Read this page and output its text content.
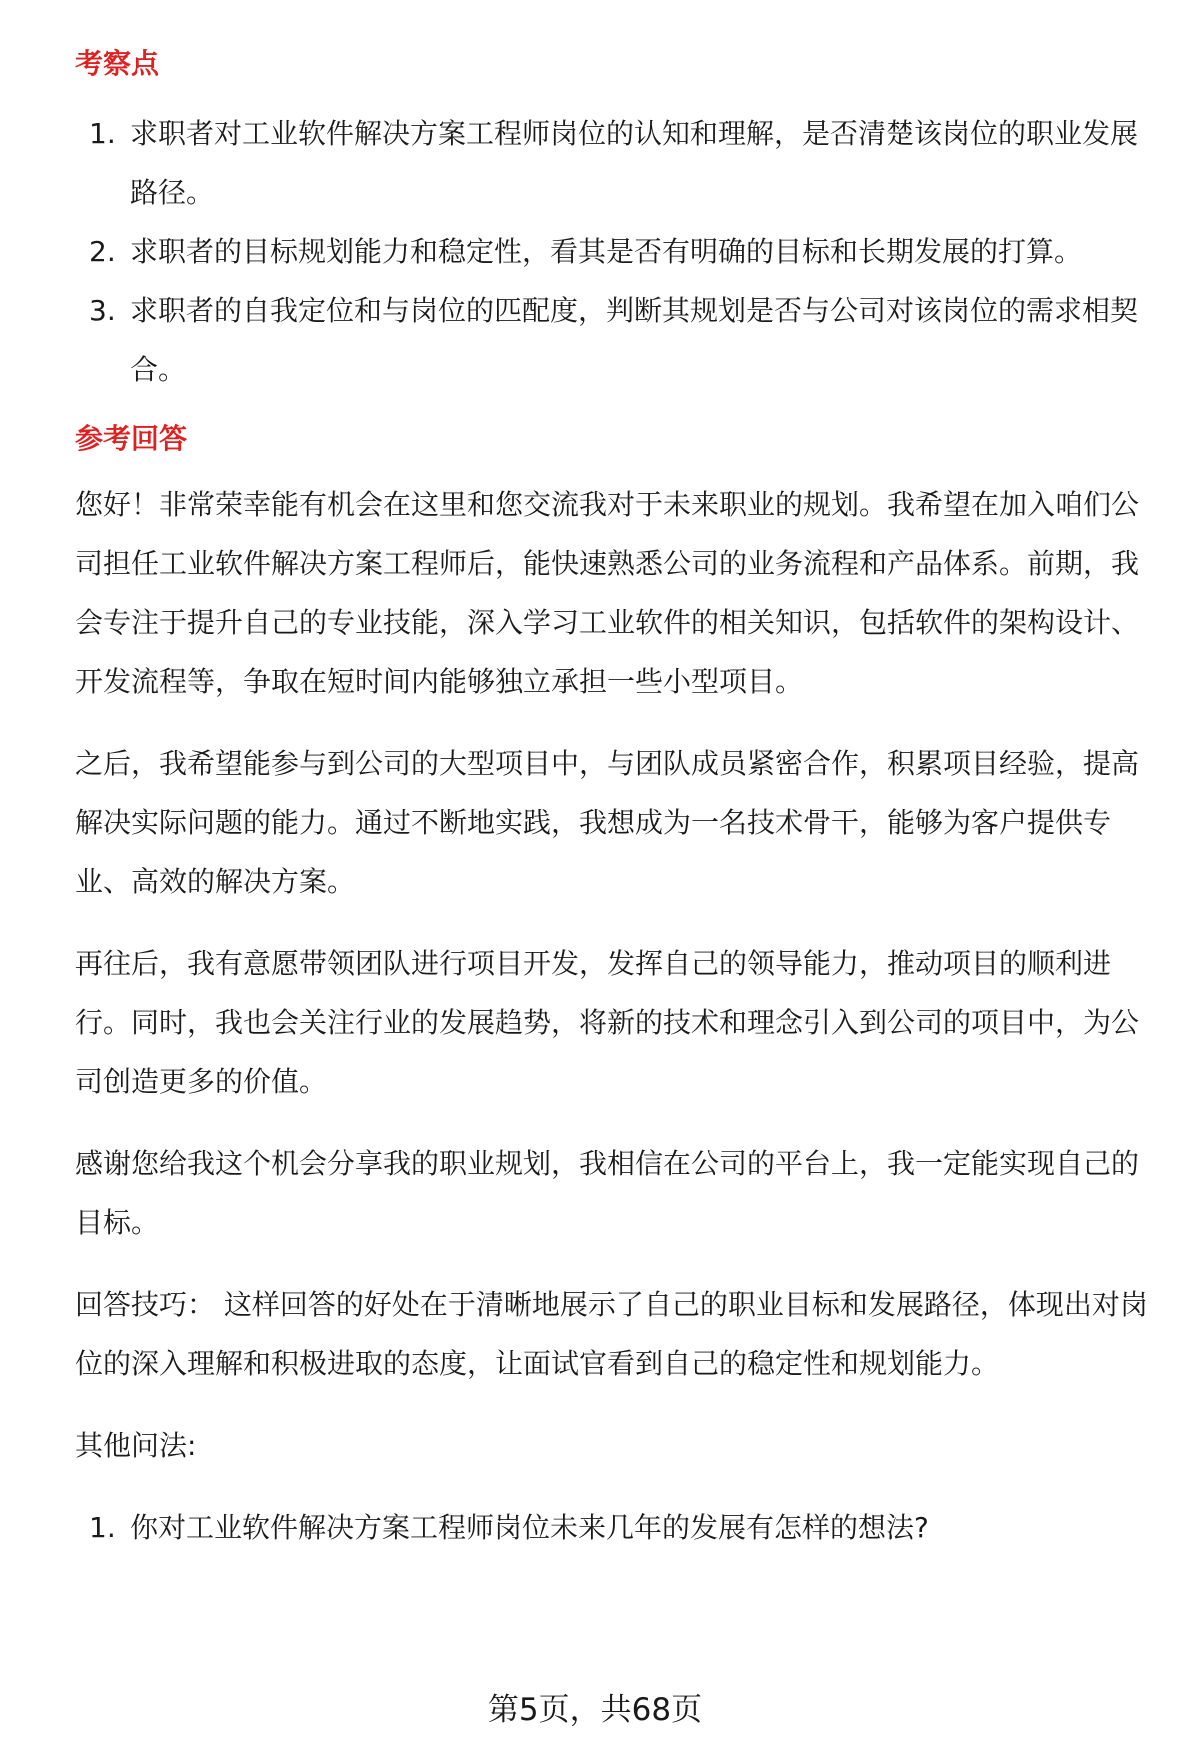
考察点
1. 求职者对工业软件解决方案工程师岗位的认知和理解，是否清楚该岗位的职业发展路径。
2. 求职者的目标规划能力和稳定性，看其是否有明确的目标和长期发展的打算。
3. 求职者的自我定位和与岗位的匹配度，判断其规划是否与公司对该岗位的需求相契合。
参考回答

您好！非常荣幸能有机会在这里和您交流我对于未来职业的规划。我希望在加入咱们公司担任工业软件解决方案工程师后，能快速熟悉公司的业务流程和产品体系。前期，我会专注于提升自己的专业技能，深入学习工业软件的相关知识，包括软件的架构设计、开发流程等，争取在短时间内能够独立承担一些小型项目。

之后，我希望能参与到公司的大型项目中，与团队成员紧密合作，积累项目经验，提高解决实际问题的能力。通过不断地实践，我想成为一名技术骨干，能够为客户提供专业、高效的解决方案。

再往后，我有意愿带领团队进行项目开发，发挥自己的领导能力，推动项目的顺利进行。同时，我也会关注行业的发展趋势，将新的技术和理念引入到公司的项目中，为公司创造更多的价值。

感谢您给我这个机会分享我的职业规划，我相信在公司的平台上，我一定能实现自己的目标。

回答技巧： 这样回答的好处在于清晰地展示了自己的职业目标和发展路径，体现出对岗位的深入理解和积极进取的态度，让面试官看到自己的稳定性和规划能力。

其他问法:

1. 你对工业软件解决方案工程师岗位未来几年的发展有怎样的想法?
第5页，共68页
